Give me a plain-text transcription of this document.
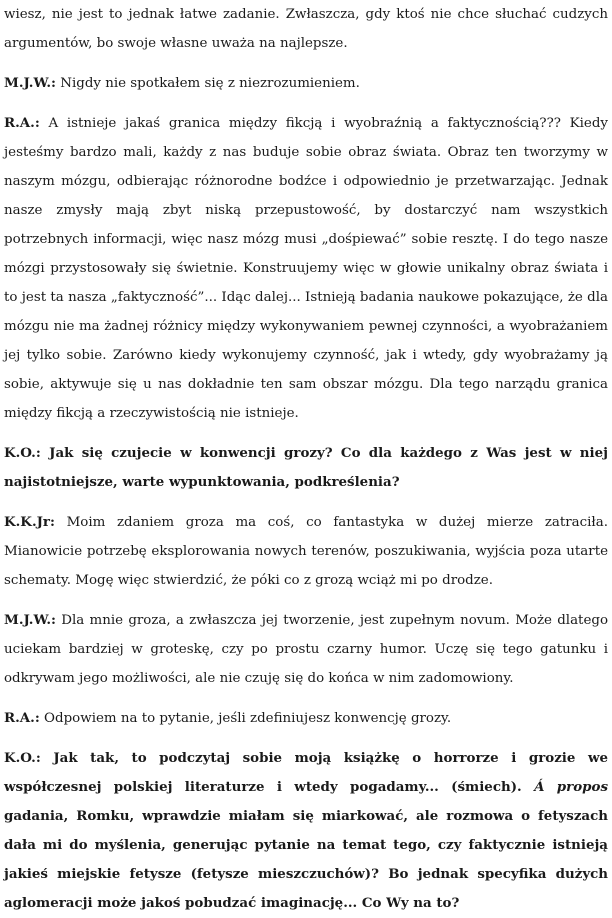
wiesz, nie jest to jednak łatwe zadanie. Zwłaszcza, gdy ktoś nie chce słuchać cudzych argumentów, bo swoje własne uważa na najlepsze.

M.J.W.: Nigdy nie spotkałem się z niezrozumieniem.

R.A.: A istnieje jakaś granica między fikcją i wyobraźnią a faktycznością??? Kiedy jesteśmy bardzo mali, każdy z nas buduje sobie obraz świata. Obraz ten tworzymy w naszym mózgu, odbierając różnorodne bodźce i odpowiednio je przetwarzając. Jednak nasze zmysły mają zbyt niską przepustowość, by dostarczyć nam wszystkich potrzebnych informacji, więc nasz mózg musi „dośpiewać” sobie resztę. I do tego nasze mózgi przystosowały się świetnie. Konstruujemy więc w głowie unikalny obraz świata i to jest ta nasza „faktyczność”... Idąc dalej... Istnieją badania naukowe pokazujące, że dla mózgu nie ma żadnej różnicy między wykonywaniem pewnej czynności, a wyobrażaniem jej tylko sobie. Zarówno kiedy wykonujemy czynność, jak i wtedy, gdy wyobrażamy ją sobie, aktywuje się u nas dokładnie ten sam obszar mózgu. Dla tego narządu granica między fikcją a rzeczywistością nie istnieje.

K.O.: Jak się czujecie w konwencji grozy? Co dla każdego z Was jest w niej najistotniejsze, warte wypunktowania, podkreślenia?

K.K.Jr: Moim zdaniem groza ma coś, co fantastyka w dużej mierze zatraciła. Mianowicie potrzebę eksplorowania nowych terenów, poszukiwania, wyjścia poza utarte schematy. Mogę więc stwierdzić, że póki co z grozą wciąż mi po drodze.

M.J.W.: Dla mnie groza, a zwłaszcza jej tworzenie, jest zupełnym novum. Może dlatego uciekam bardziej w groteskę, czy po prostu czarny humor. Uczę się tego gatunku i odkrywam jego możliwości, ale nie czuję się do końca w nim zadomowiony.

R.A.: Odpowiem na to pytanie, jeśli zdefiniujesz konwencję grozy.

K.O.: Jak tak, to podczytaj sobie moją książkę o horrorze i grozie we współczesnej polskiej literaturze i wtedy pogadamy... (śmiech). Á propos gadania, Romku, wprawdzie miałam się miarkować, ale rozmowa o fetyszach dała mi do myślenia, generując pytanie na temat tego, czy faktycznie istnieją jakieś miejskie fetysze (fetysze mieszczuchów)? Bo jednak specyfika dużych aglomeracji może jakoś pobudzać imaginację... Co Wy na to?
